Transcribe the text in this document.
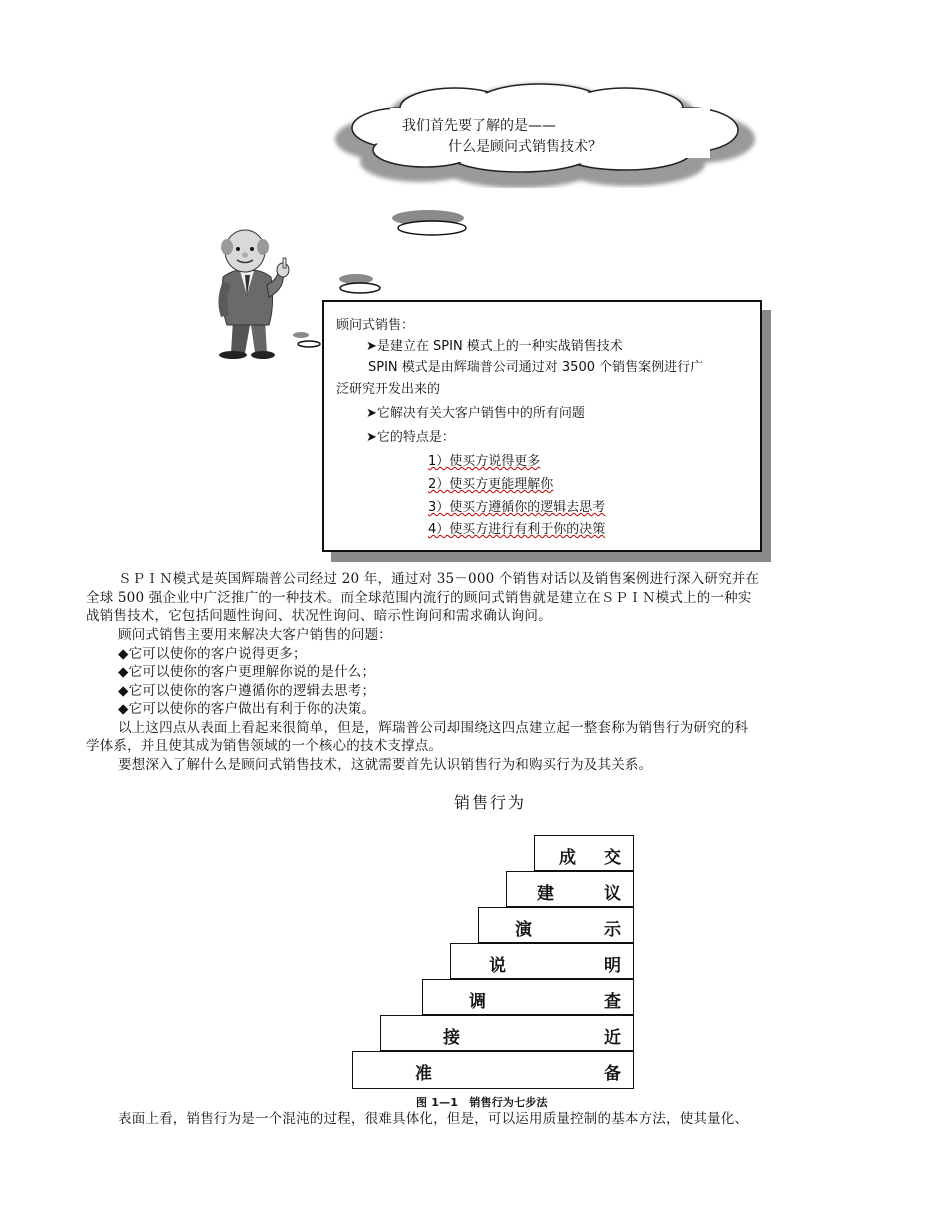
我们首先要了解的是——
什么是顾问式销售技术？
顾问式销售：
➤是建立在 SPIN 模式上的一种实战销售技术
SPIN 模式是由辉瑞普公司通过对 3500 个销售案例进行广
泛研究开发出来的
➤它解决有关大客户销售中的所有问题
➤它的特点是：
1）使买方说得更多
2）使买方更能理解你
3）使买方遵循你的逻辑去思考
4）使买方进行有利于你的决策
ＳＰＩＮ模式是英国辉瑞普公司经过 20 年，通过对 35－000 个销售对话以及销售案例进行深入研究并在
全球 500 强企业中广泛推广的一种技术。而全球范围内流行的顾问式销售就是建立在ＳＰＩＮ模式上的一种实
战销售技术，它包括问题性询问、状况性询问、暗示性询问和需求确认询问。
顾问式销售主要用来解决大客户销售的问题：
◆它可以使你的客户说得更多；
◆它可以使你的客户更理解你说的是什么；
◆它可以使你的客户遵循你的逻辑去思考；
◆它可以使你的客户做出有利于你的决策。
以上这四点从表面上看起来很简单，但是，辉瑞普公司却围绕这四点建立起一整套称为销售行为研究的科
学体系，并且使其成为销售领域的一个核心的技术支撑点。
要想深入了解什么是顾问式销售技术，这就需要首先认识销售行为和购买行为及其关系。
销售行为
成 交
建	议
演	示
说	明
调	查
接	近
准	备
图 1—1　销售行为七步法
表面上看，销售行为是一个混沌的过程，很难具体化，但是，可以运用质量控制的基本方法，使其量化、
